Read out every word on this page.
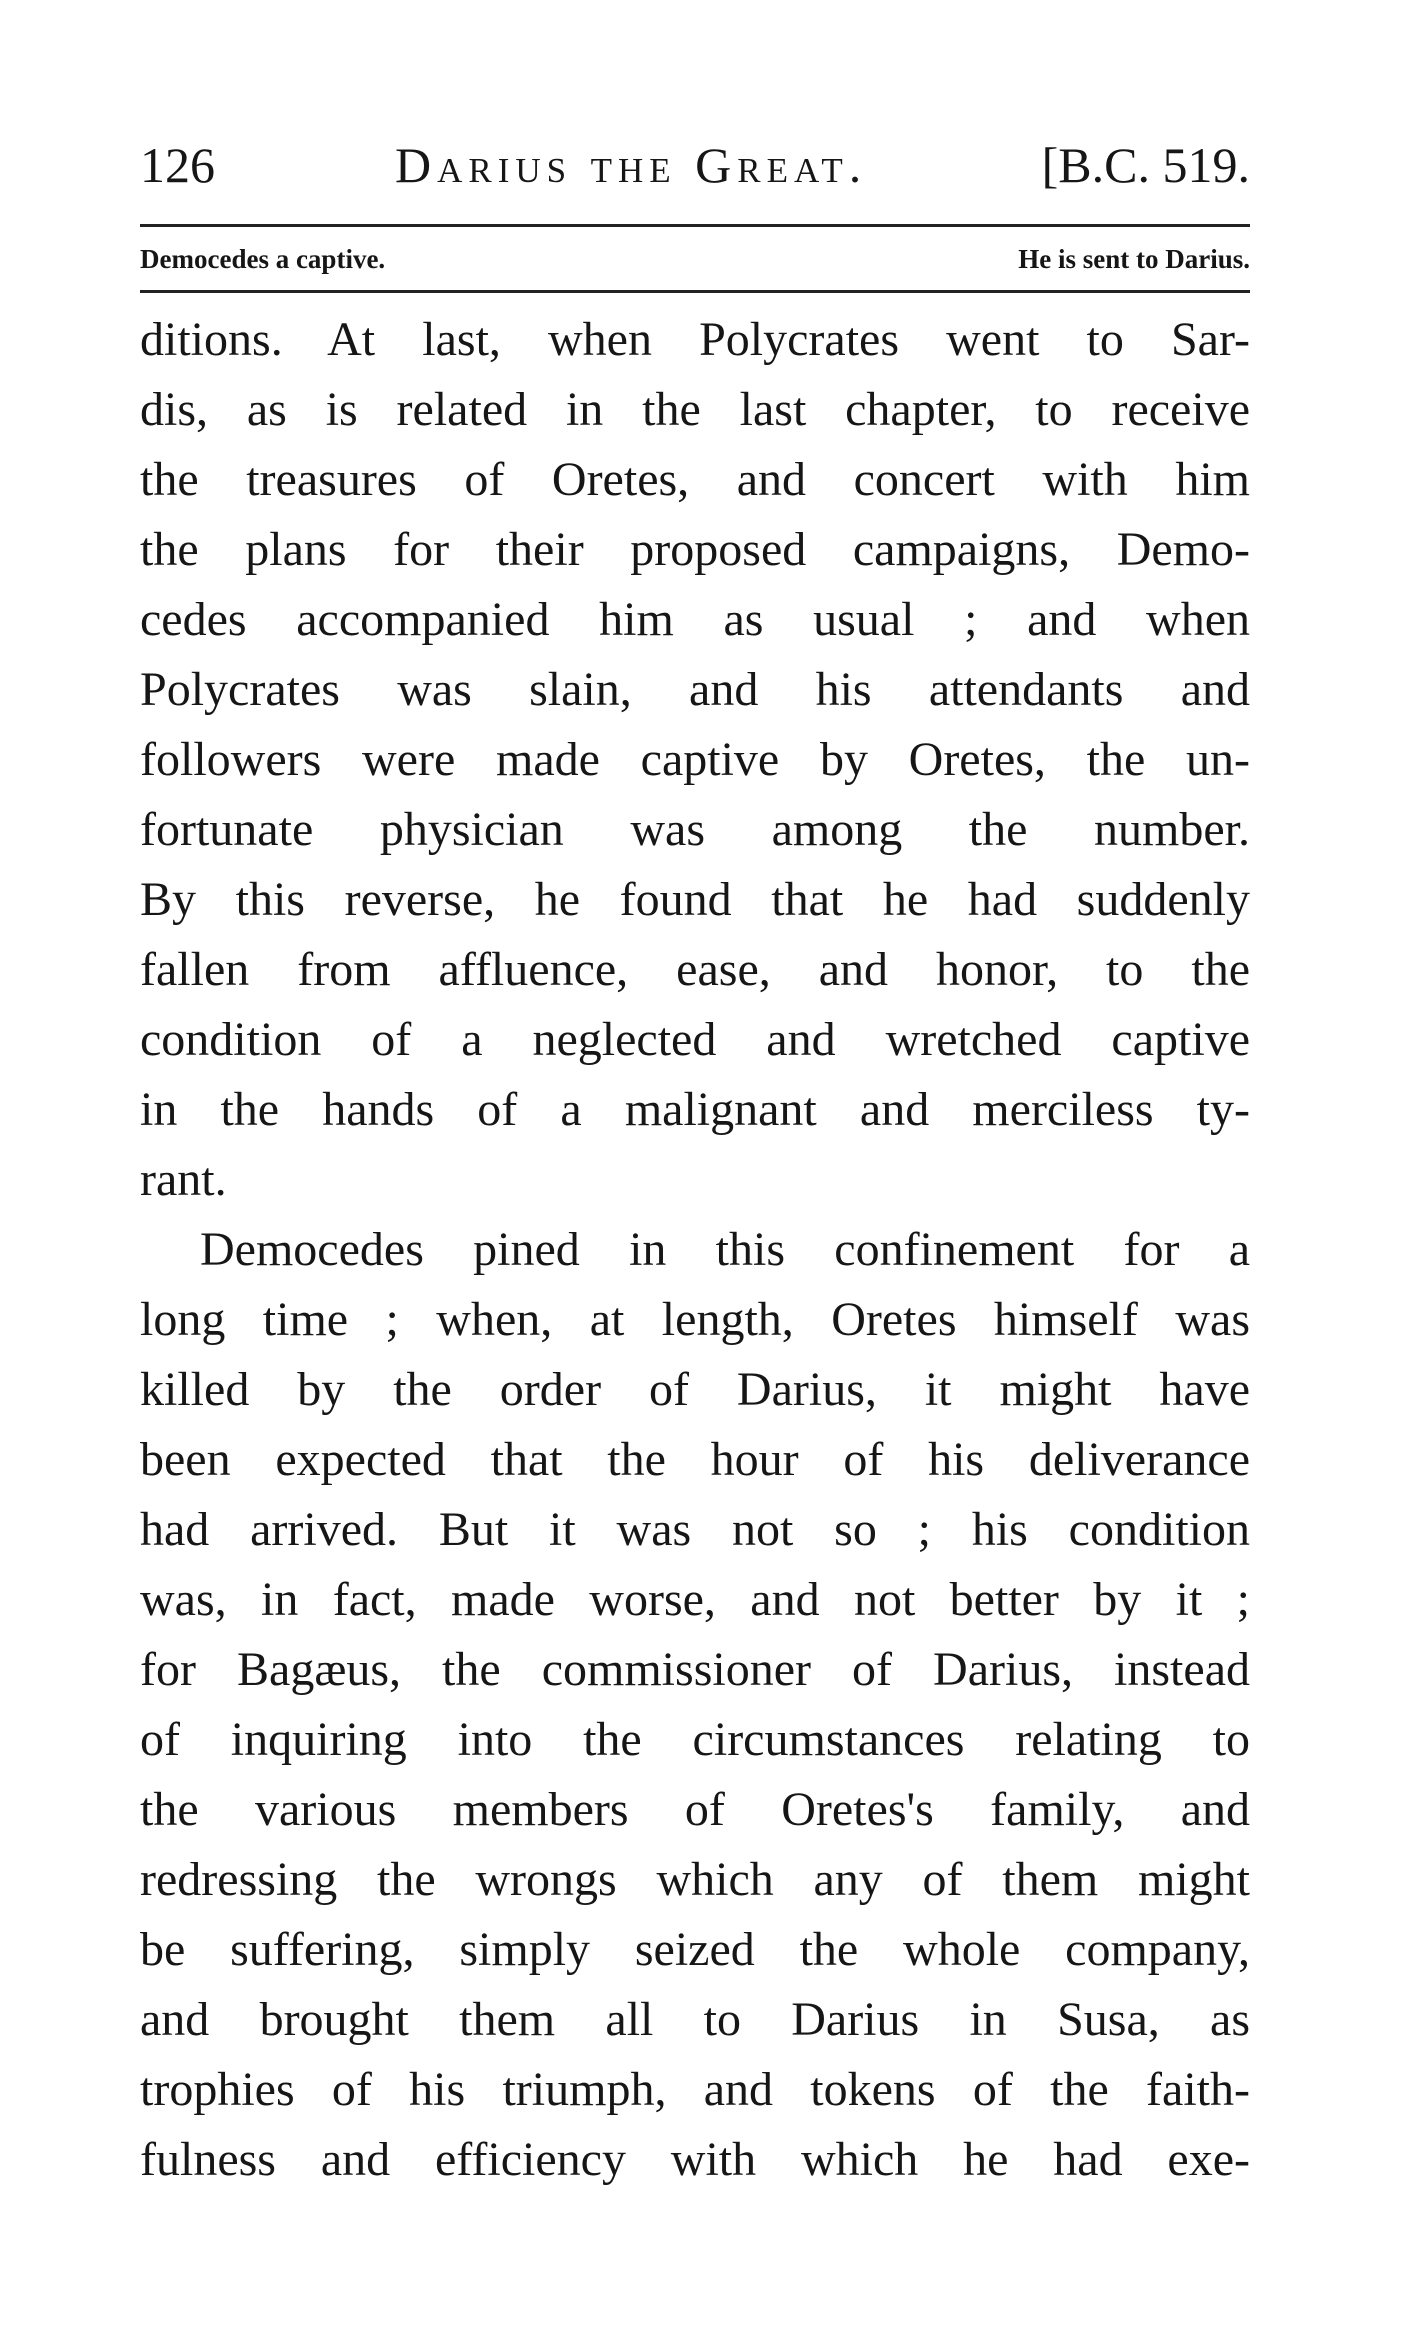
126	Darius the Great.	[B.C. 519.
Democedes a captive.	He is sent to Darius.
ditions. At last, when Polycrates went to Sar-
dis, as is related in the last chapter, to receive
the treasures of Oretes, and concert with him
the plans for their proposed campaigns, Demo-
cedes accompanied him as usual ; and when
Polycrates was slain, and his attendants and
followers were made captive by Oretes, the un-
fortunate physician was among the number.
By this reverse, he found that he had suddenly
fallen from affluence, ease, and honor, to the
condition of a neglected and wretched captive
in the hands of a malignant and merciless ty-
rant.
Democedes pined in this confinement for a
long time ; when, at length, Oretes himself was
killed by the order of Darius, it might have
been expected that the hour of his deliverance
had arrived. But it was not so ; his condition
was, in fact, made worse, and not better by it ;
for Bagæus, the commissioner of Darius, instead
of inquiring into the circumstances relating to
the various members of Oretes's family, and
redressing the wrongs which any of them might
be suffering, simply seized the whole company,
and brought them all to Darius in Susa, as
trophies of his triumph, and tokens of the faith-
fulness and efficiency with which he had exe-
